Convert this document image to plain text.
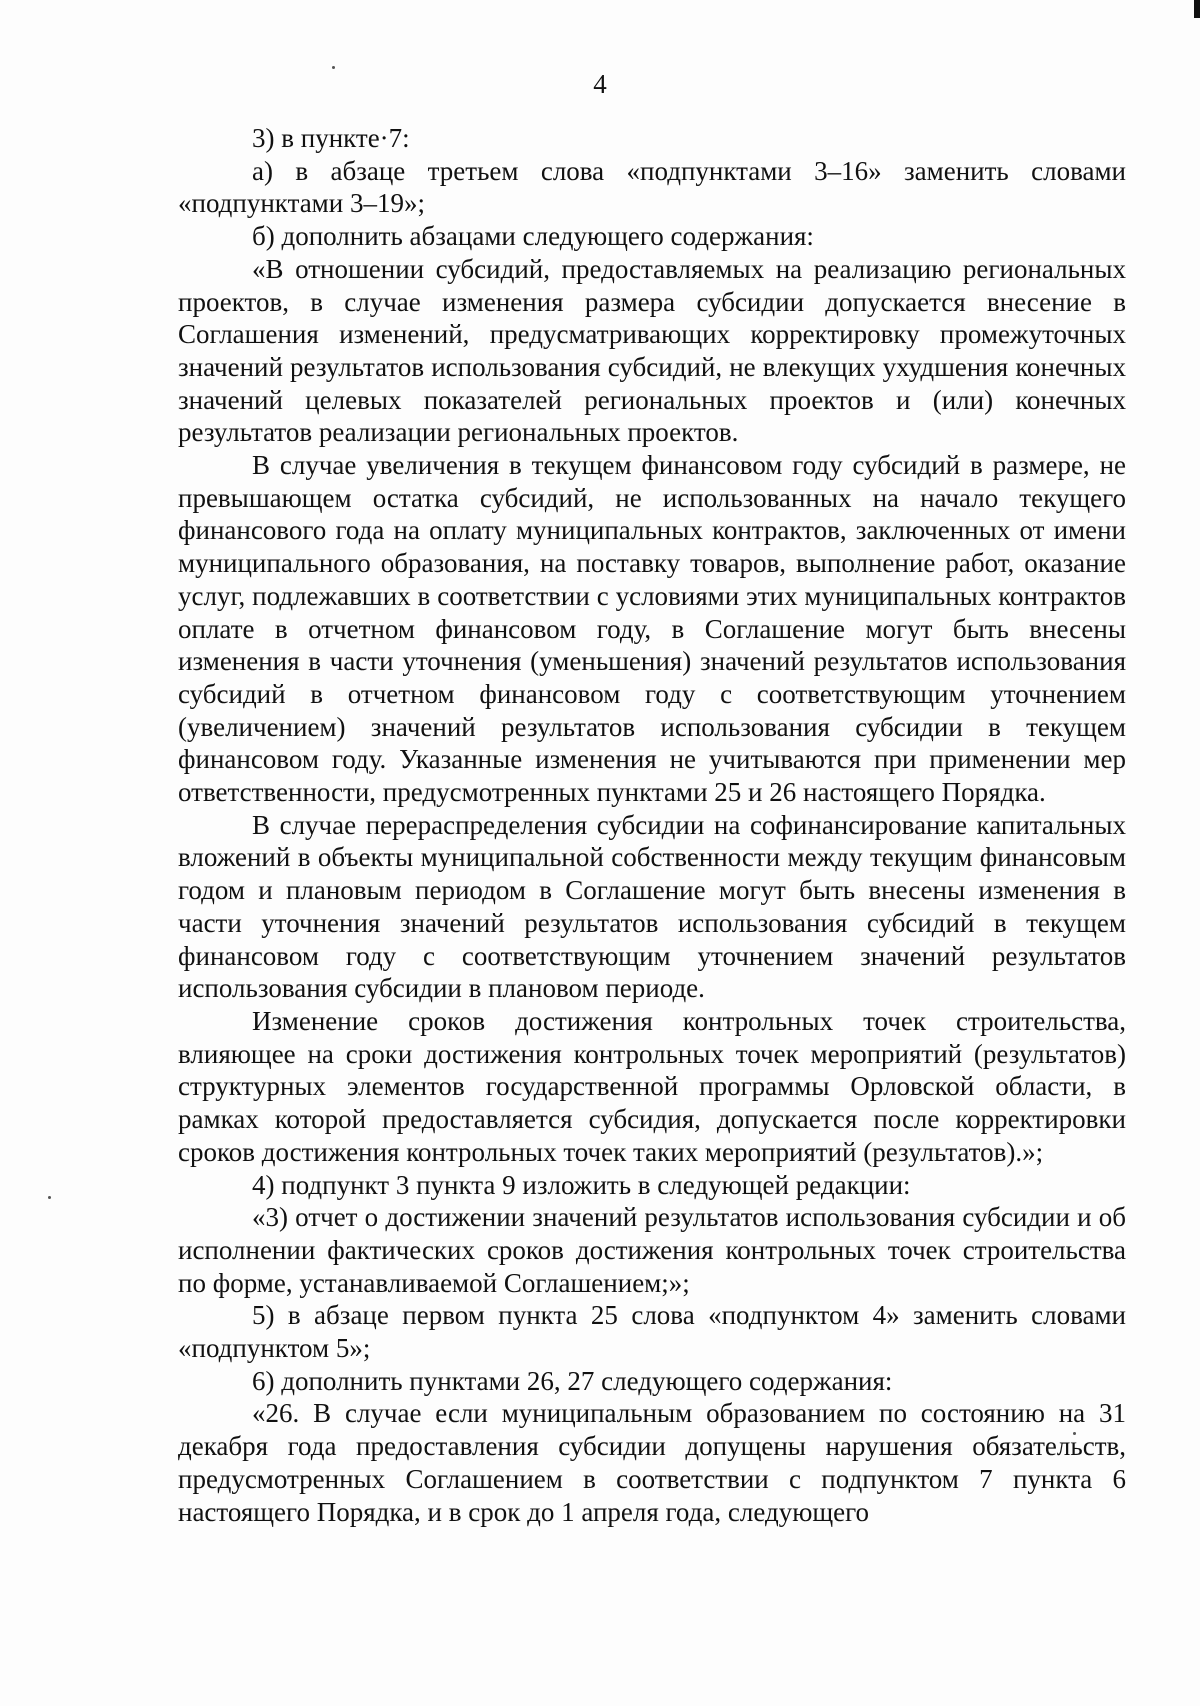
4

3) в пункте·7:

а) в абзаце третьем слова «подпунктами 3–16» заменить словами «подпунктами 3–19»;

б) дополнить абзацами следующего содержания:

«В отношении субсидий, предоставляемых на реализацию региональных проектов, в случае изменения размера субсидии допускается внесение в Соглашения изменений, предусматривающих корректировку промежуточных значений результатов использования субсидий, не влекущих ухудшения конечных значений целевых показателей региональных проектов и (или) конечных результатов реализации региональных проектов.

В случае увеличения в текущем финансовом году субсидий в размере, не превышающем остатка субсидий, не использованных на начало текущего финансового года на оплату муниципальных контрактов, заключенных от имени муниципального образования, на поставку товаров, выполнение работ, оказание услуг, подлежавших в соответствии с условиями этих муниципальных контрактов оплате в отчетном финансовом году, в Соглашение могут быть внесены изменения в части уточнения (уменьшения) значений результатов использования субсидий в отчетном финансовом году с соответствующим уточнением (увеличением) значений результатов использования субсидии в текущем финансовом году. Указанные изменения не учитываются при применении мер ответственности, предусмотренных пунктами 25 и 26 настоящего Порядка.

В случае перераспределения субсидии на софинансирование капитальных вложений в объекты муниципальной собственности между текущим финансовым годом и плановым периодом в Соглашение могут быть внесены изменения в части уточнения значений результатов использования субсидий в текущем финансовом году с соответствующим уточнением значений результатов использования субсидии в плановом периоде.

Изменение сроков достижения контрольных точек строительства, влияющее на сроки достижения контрольных точек мероприятий (результатов) структурных элементов государственной программы Орловской области, в рамках которой предоставляется субсидия, допускается после корректировки сроков достижения контрольных точек таких мероприятий (результатов).»;

4) подпункт 3 пункта 9 изложить в следующей редакции:

«3) отчет о достижении значений результатов использования субсидии и об исполнении фактических сроков достижения контрольных точек строительства по форме, устанавливаемой Соглашением;»;

5) в абзаце первом пункта 25 слова «подпунктом 4» заменить словами «подпунктом 5»;

6) дополнить пунктами 26, 27 следующего содержания:

«26. В случае если муниципальным образованием по состоянию на 31 декабря года предоставления субсидии допущены нарушения обязательств, предусмотренных Соглашением в соответствии с подпунктом 7 пункта 6 настоящего Порядка, и в срок до 1 апреля года, следующего
